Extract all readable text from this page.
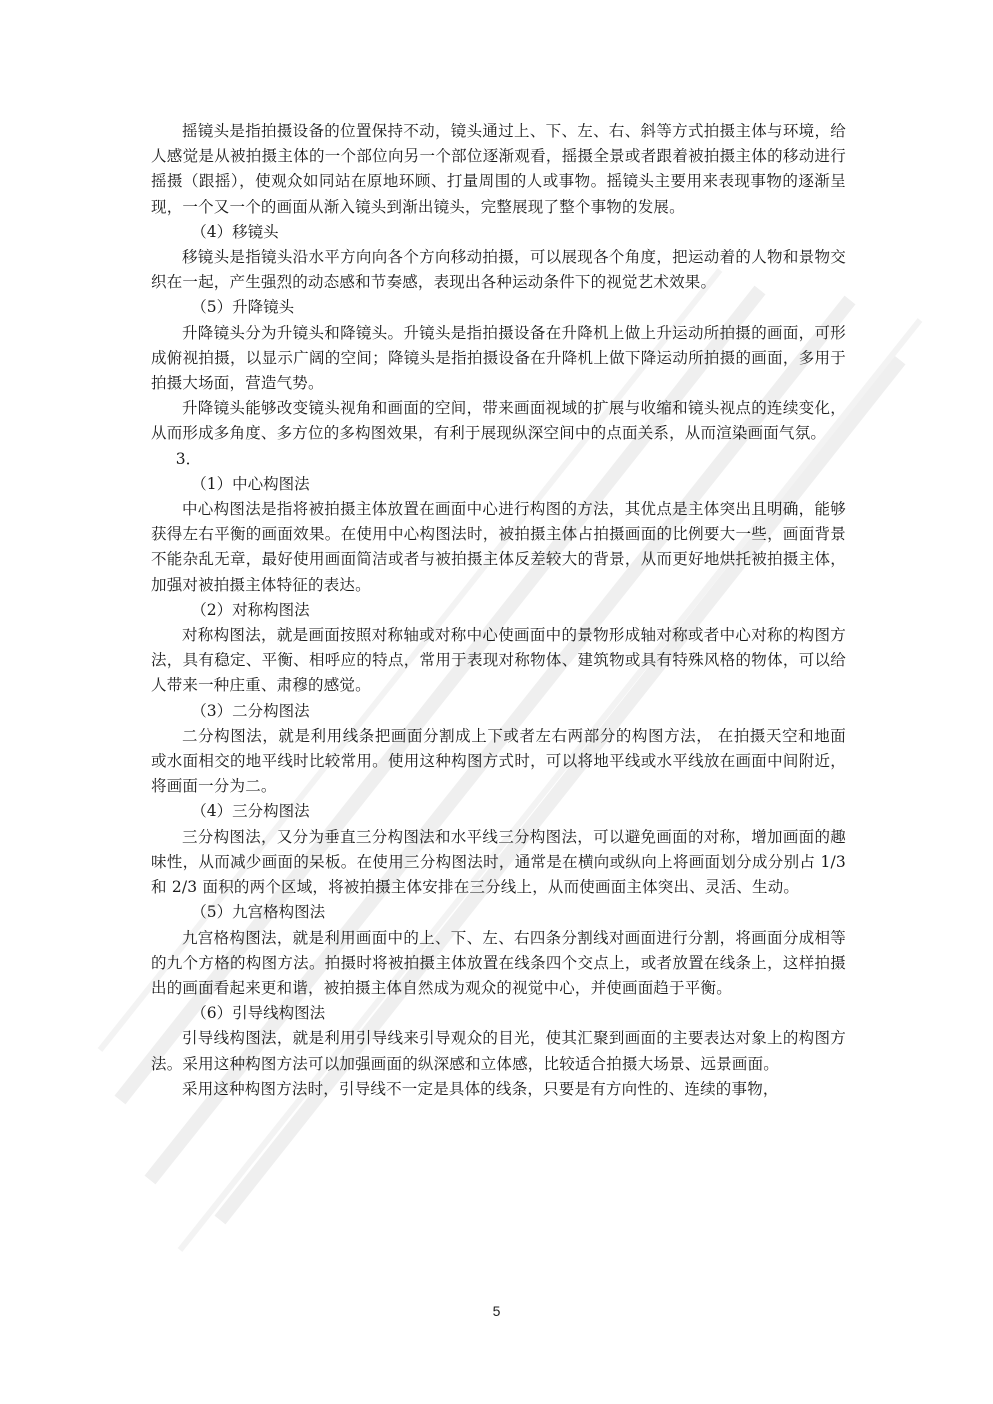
摇镜头是指拍摄设备的位置保持不动，镜头通过上、下、左、右、斜等方式拍摄主体与环境，给人感觉是从被拍摄主体的一个部位向另一个部位逐渐观看，摇摄全景或者跟着被拍摄主体的移动进行摇摄（跟摇），使观众如同站在原地环顾、打量周围的人或事物。摇镜头主要用来表现事物的逐渐呈现，一个又一个的画面从渐入镜头到渐出镜头，完整展现了整个事物的发展。

（4）移镜头

移镜头是指镜头沿水平方向向各个方向移动拍摄，可以展现各个角度，把运动着的人物和景物交织在一起，产生强烈的动态感和节奏感，表现出各种运动条件下的视觉艺术效果。

（5）升降镜头

升降镜头分为升镜头和降镜头。升镜头是指拍摄设备在升降机上做上升运动所拍摄的画面，可形成俯视拍摄，以显示广阔的空间；降镜头是指拍摄设备在升降机上做下降运动所拍摄的画面，多用于拍摄大场面，营造气势。

升降镜头能够改变镜头视角和画面的空间，带来画面视域的扩展与收缩和镜头视点的连续变化，从而形成多角度、多方位的多构图效果，有利于展现纵深空间中的点面关系，从而渲染画面气氛。

3．

（1）中心构图法

中心构图法是指将被拍摄主体放置在画面中心进行构图的方法，其优点是主体突出且明确，能够获得左右平衡的画面效果。在使用中心构图法时，被拍摄主体占拍摄画面的比例要大一些，画面背景不能杂乱无章，最好使用画面简洁或者与被拍摄主体反差较大的背景，从而更好地烘托被拍摄主体，加强对被拍摄主体特征的表达。

（2）对称构图法

对称构图法，就是画面按照对称轴或对称中心使画面中的景物形成轴对称或者中心对称的构图方法，具有稳定、平衡、相呼应的特点，常用于表现对称物体、建筑物或具有特殊风格的物体，可以给人带来一种庄重、肃穆的感觉。

（3）二分构图法

二分构图法，就是利用线条把画面分割成上下或者左右两部分的构图方法， 在拍摄天空和地面或水面相交的地平线时比较常用。使用这种构图方式时，可以将地平线或水平线放在画面中间附近，将画面一分为二。

（4）三分构图法

三分构图法，又分为垂直三分构图法和水平线三分构图法，可以避免画面的对称，增加画面的趣味性，从而减少画面的呆板。在使用三分构图法时，通常是在横向或纵向上将画面划分成分别占 1/3 和 2/3 面积的两个区域，将被拍摄主体安排在三分线上，从而使画面主体突出、灵活、生动。

（5）九宫格构图法

九宫格构图法，就是利用画面中的上、下、左、右四条分割线对画面进行分割，将画面分成相等的九个方格的构图方法。拍摄时将被拍摄主体放置在线条四个交点上，或者放置在线条上，这样拍摄出的画面看起来更和谐，被拍摄主体自然成为观众的视觉中心，并使画面趋于平衡。

（6）引导线构图法

引导线构图法，就是利用引导线来引导观众的目光，使其汇聚到画面的主要表达对象上的构图方法。采用这种构图方法可以加强画面的纵深感和立体感，比较适合拍摄大场景、远景画面。

采用这种构图方法时，引导线不一定是具体的线条，只要是有方向性的、连续的事物，

5
